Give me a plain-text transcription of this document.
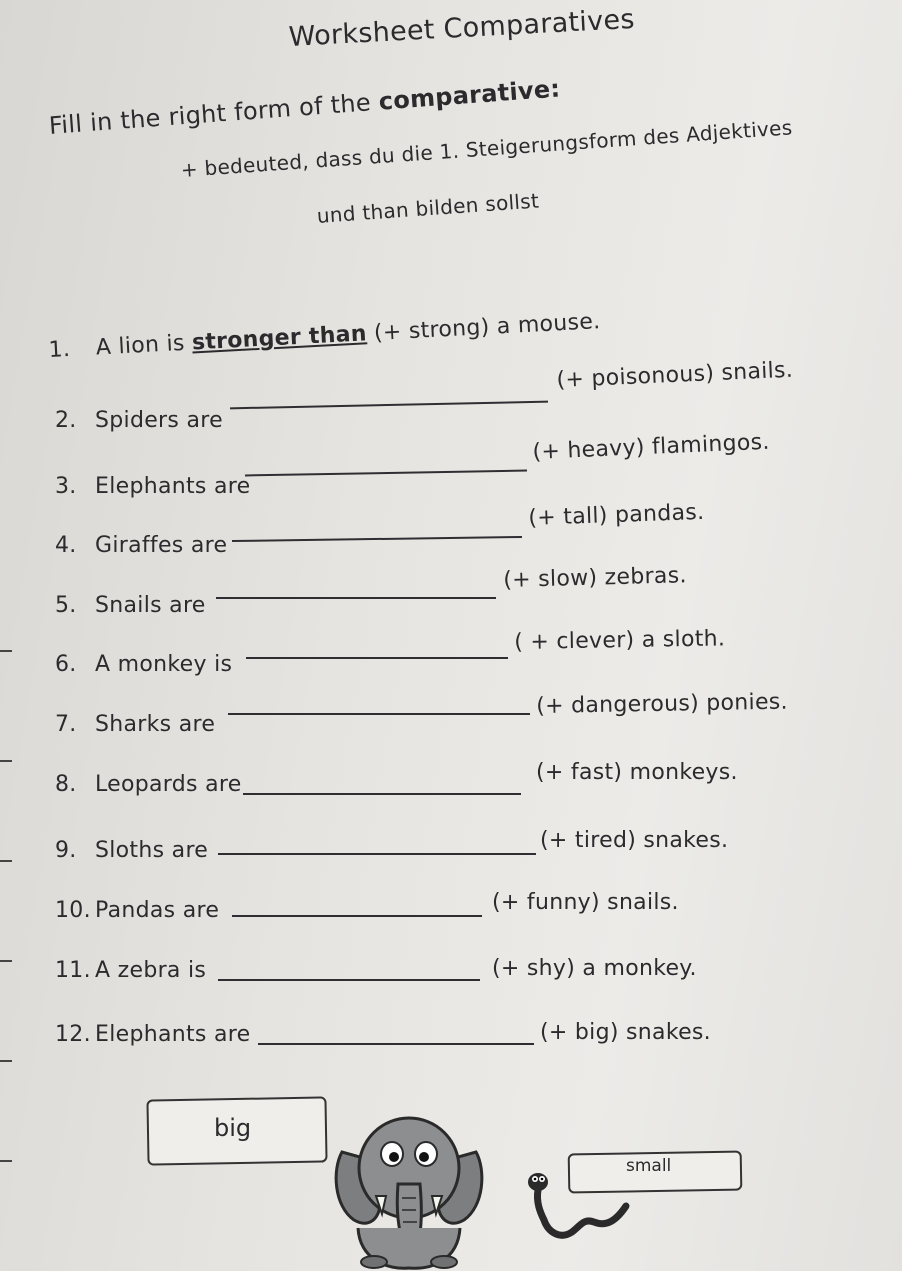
Worksheet Comparatives
Fill in the right form of the comparative:
+ bedeuted, dass du die 1. Steigerungsform des Adjektives
und than bilden sollst
1. A lion is stronger than (+ strong) a mouse.
2. Spiders are
(+ poisonous) snails.
3. Elephants are
(+ heavy) flamingos.
4. Giraffes are
(+ tall) pandas.
5. Snails are
(+ slow) zebras.
6. A monkey is
( + clever) a sloth.
7. Sharks are
(+ dangerous) ponies.
8. Leopards are	(+ fast) monkeys.
9. Sloths are	(+ tired) snakes.
10. Pandas are	(+ funny) snails.
11. A zebra is	(+ shy) a monkey.
12. Elephants are	(+ big) snakes.
big
small
